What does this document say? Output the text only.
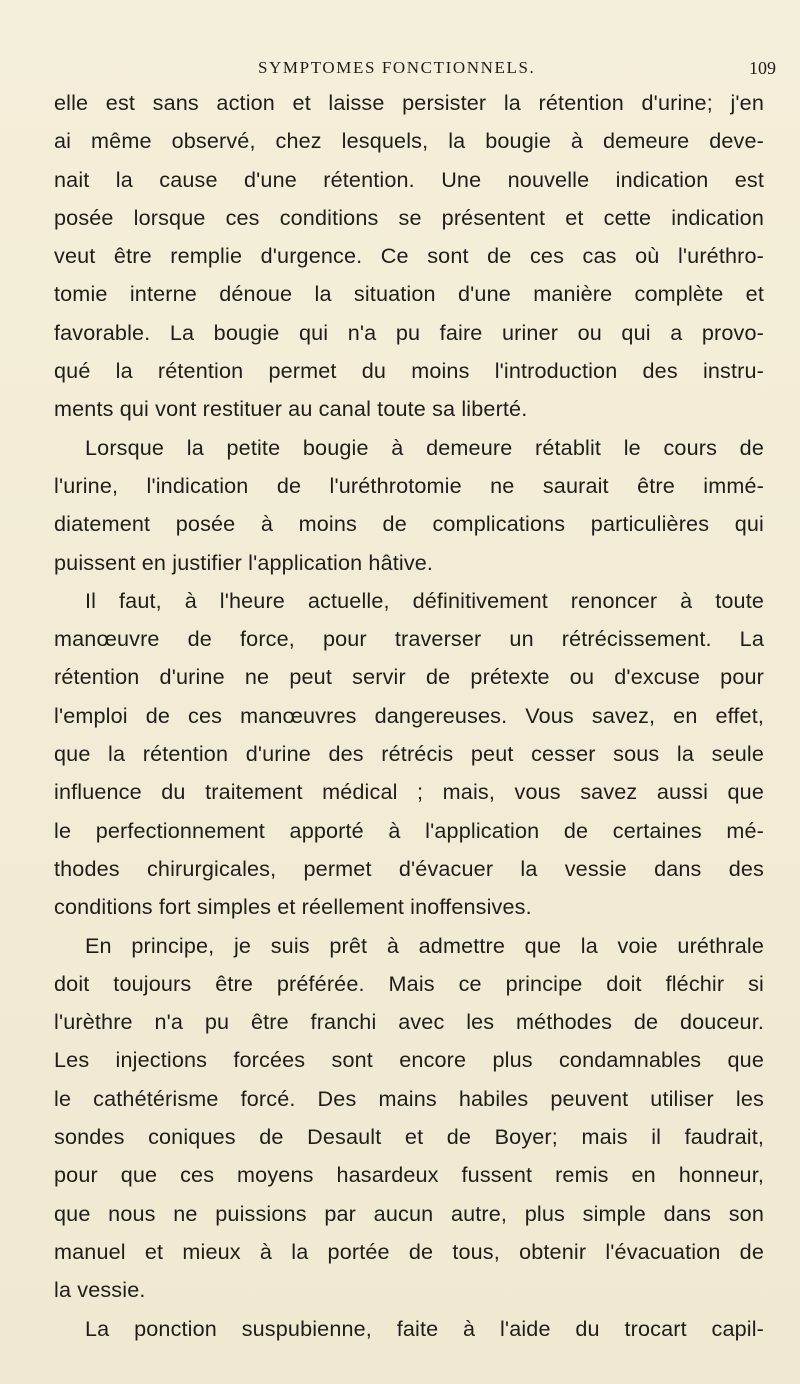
SYMPTOMES FONCTIONNELS.	109
elle est sans action et laisse persister la rétention d'urine; j'en
ai même observé, chez lesquels, la bougie à demeure deve-
nait la cause d'une rétention. Une nouvelle indication est
posée lorsque ces conditions se présentent et cette indication
veut être remplie d'urgence. Ce sont de ces cas où l'uréthro-
tomie interne dénoue la situation d'une manière complète et
favorable. La bougie qui n'a pu faire uriner ou qui a provo-
qué la rétention permet du moins l'introduction des instru-
ments qui vont restituer au canal toute sa liberté.
Lorsque la petite bougie à demeure rétablit le cours de
l'urine, l'indication de l'uréthrotomie ne saurait être immé-
diatement posée à moins de complications particulières qui
puissent en justifier l'application hâtive.
Il faut, à l'heure actuelle, définitivement renoncer à toute
manœuvre de force, pour traverser un rétrécissement. La
rétention d'urine ne peut servir de prétexte ou d'excuse pour
l'emploi de ces manœuvres dangereuses. Vous savez, en effet,
que la rétention d'urine des rétrécis peut cesser sous la seule
influence du traitement médical ; mais, vous savez aussi que
le perfectionnement apporté à l'application de certaines mé-
thodes chirurgicales, permet d'évacuer la vessie dans des
conditions fort simples et réellement inoffensives.
En principe, je suis prêt à admettre que la voie uréthrale
doit toujours être préférée. Mais ce principe doit fléchir si
l'urèthre n'a pu être franchi avec les méthodes de douceur.
Les injections forcées sont encore plus condamnables que
le cathétérisme forcé. Des mains habiles peuvent utiliser les
sondes coniques de Desault et de Boyer; mais il faudrait,
pour que ces moyens hasardeux fussent remis en honneur,
que nous ne puissions par aucun autre, plus simple dans son
manuel et mieux à la portée de tous, obtenir l'évacuation de
la vessie.
La ponction suspubienne, faite à l'aide du trocart capil-
